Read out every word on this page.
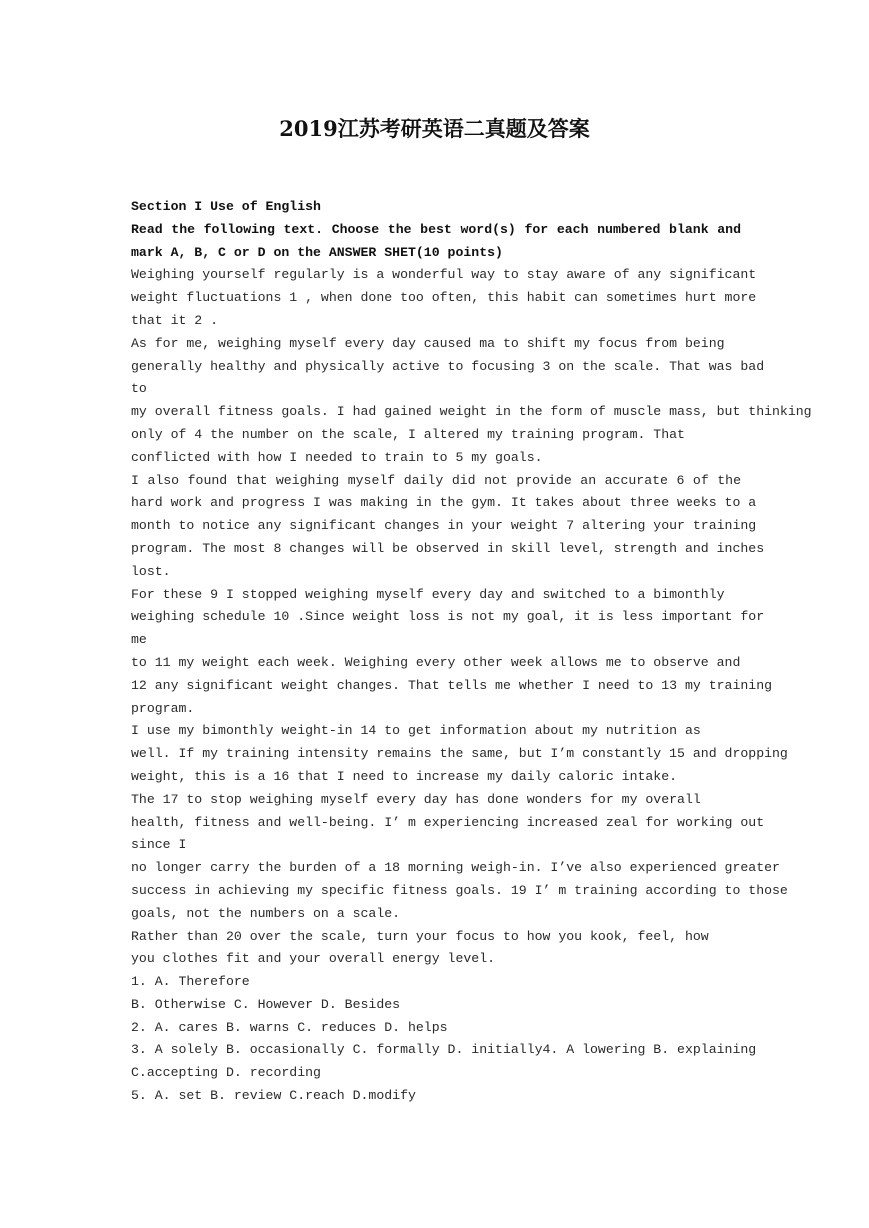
2019江苏考研英语二真题及答案
Section I Use of English
Read the following text. Choose the best word(s) for each numbered blank and
mark A, B, C or D on the ANSWER SHET(10 points)
Weighing yourself regularly is a wonderful way to stay aware of any significant
weight fluctuations 1 , when done too often, this habit can sometimes hurt more
that it 2 .
As for me, weighing myself every day caused ma to shift my focus from being
generally healthy and physically active to focusing 3 on the scale. That was bad
to
my overall fitness goals. I had gained weight in the form of muscle mass, but thinking
only of 4 the number on the scale, I altered my training program. That
conflicted with how I needed to train to 5 my goals.
I also found that weighing myself daily did not provide an accurate 6 of the
hard work and progress I was making in the gym. It takes about three weeks to a
month to notice any significant changes in your weight 7 altering your training
program. The most 8 changes will be observed in skill level, strength and inches
lost.
For these 9 I stopped weighing myself every day and switched to a bimonthly
weighing schedule 10 .Since weight loss is not my goal, it is less important for
me
to 11 my weight each week. Weighing every other week allows me to observe and
12 any significant weight changes. That tells me whether I need to 13 my training
program.
I use my bimonthly weight-in 14 to get information about my nutrition as
well. If my training intensity remains the same, but I’m constantly 15 and dropping
weight, this is a 16 that I need to increase my daily caloric intake.
The 17 to stop weighing myself every day has done wonders for my overall
health, fitness and well-being. I’ m experiencing increased zeal for working out
since I
no longer carry the burden of a 18 morning weigh-in. I’ve also experienced greater
success in achieving my specific fitness goals. 19 I’ m training according to those
goals, not the numbers on a scale.
Rather than 20 over the scale, turn your focus to how you kook, feel, how
you clothes fit and your overall energy level.
1. A. Therefore
B. Otherwise C. However D. Besides
2. A. cares B. warns C. reduces D. helps
3. A solely B. occasionally C. formally D. initially4. A lowering B. explaining
C.accepting D. recording
5. A. set B. review C.reach D.modify
